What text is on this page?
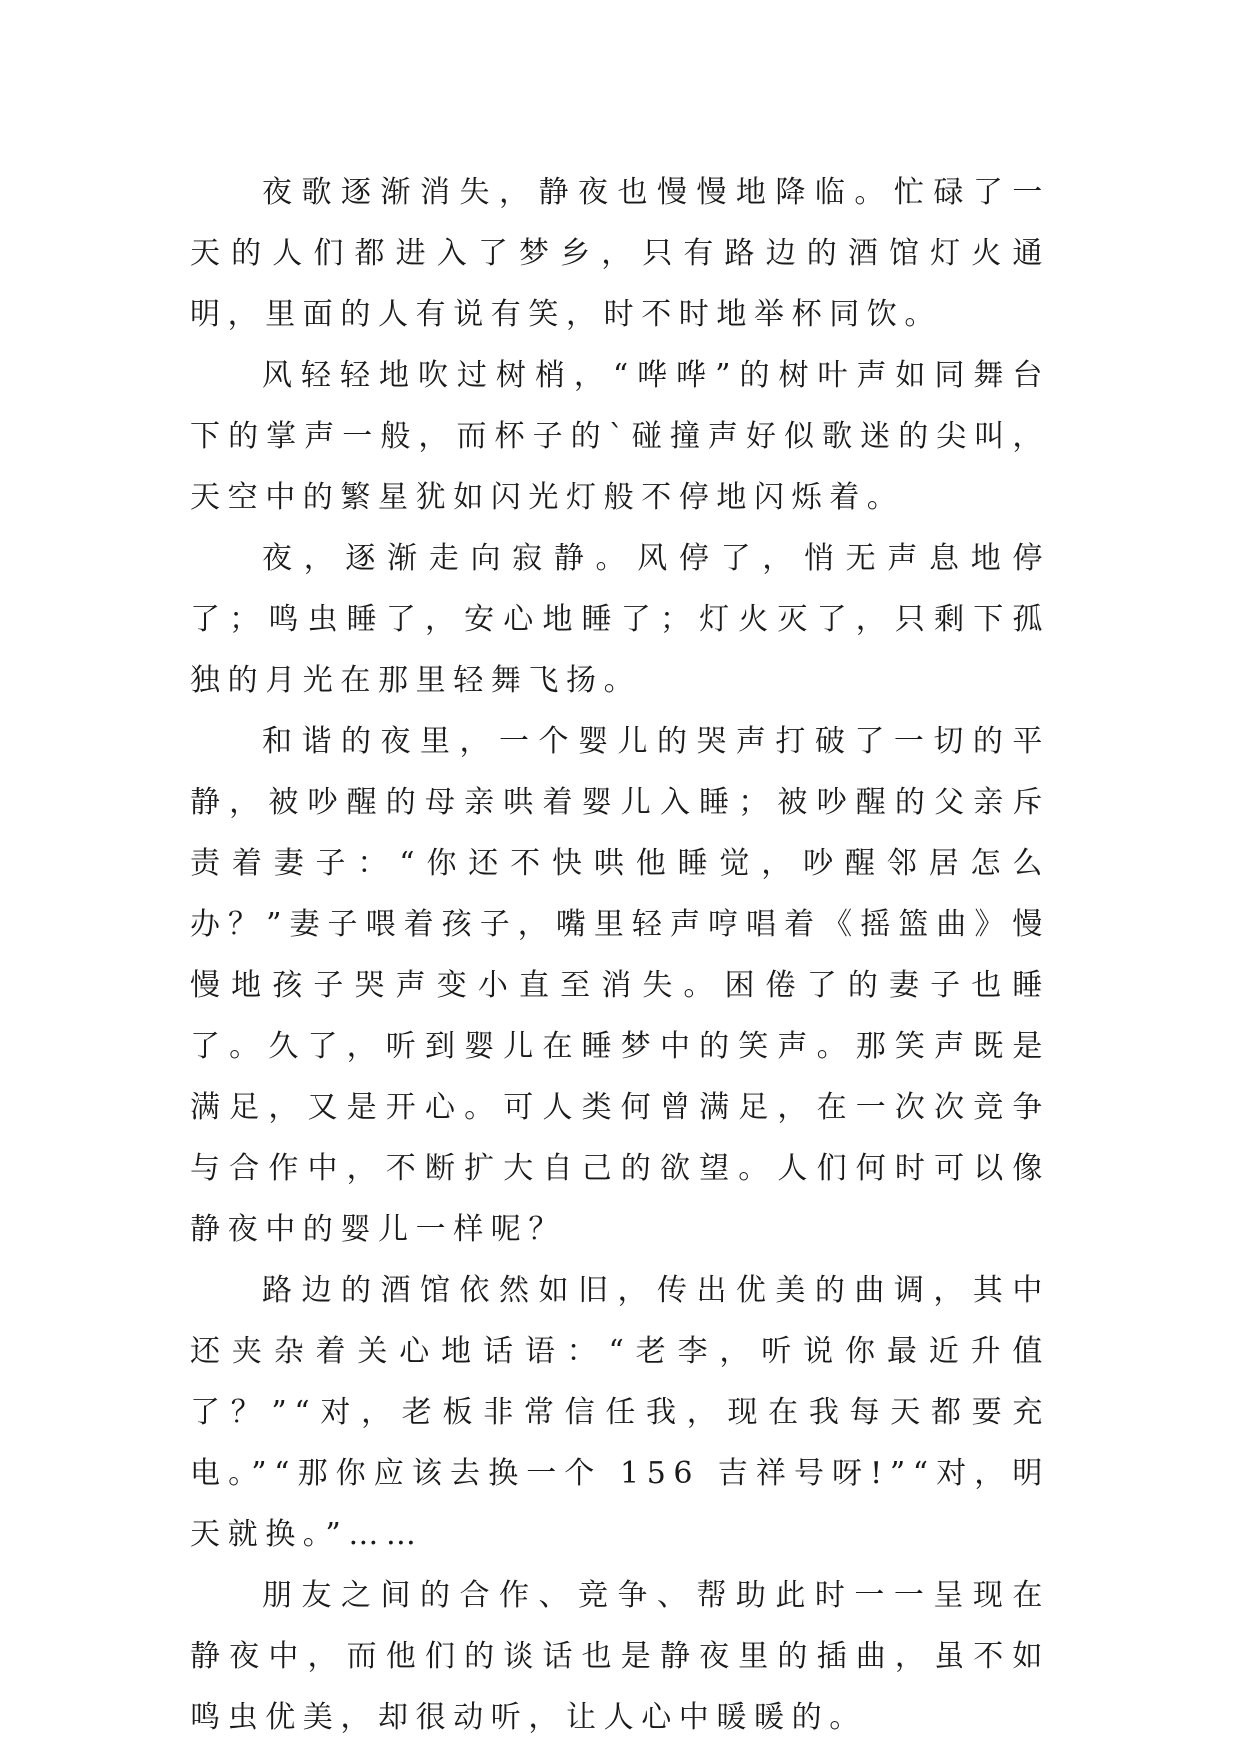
夜歌逐渐消失，静夜也慢慢地降临。忙碌了一天的人们都进入了梦乡，只有路边的酒馆灯火通明，里面的人有说有笑，时不时地举杯同饮。

风轻轻地吹过树梢，“哗哗”的树叶声如同舞台下的掌声一般，而杯子的`碰撞声好似歌迷的尖叫，天空中的繁星犹如闪光灯般不停地闪烁着。

夜，逐渐走向寂静。风停了，悄无声息地停了；鸣虫睡了，安心地睡了；灯火灭了，只剩下孤独的月光在那里轻舞飞扬。

和谐的夜里，一个婴儿的哭声打破了一切的平静，被吵醒的母亲哄着婴儿入睡；被吵醒的父亲斥责着妻子：“你还不快哄他睡觉，吵醒邻居怎么办？”妻子喂着孩子，嘴里轻声哼唱着《摇篮曲》慢慢地孩子哭声变小直至消失。困倦了的妻子也睡了。久了，听到婴儿在睡梦中的笑声。那笑声既是满足，又是开心。可人类何曾满足，在一次次竞争与合作中，不断扩大自己的欲望。人们何时可以像静夜中的婴儿一样呢？

路边的酒馆依然如旧，传出优美的曲调，其中还夹杂着关心地话语：“老李，听说你最近升值了？”“对，老板非常信任我，现在我每天都要充电。”“那你应该去换一个 156 吉祥号呀!”“对，明天就换。”……

朋友之间的合作、竞争、帮助此时一一呈现在静夜中，而他们的谈话也是静夜里的插曲，虽不如鸣虫优美，却很动听，让人心中暖暖的。
